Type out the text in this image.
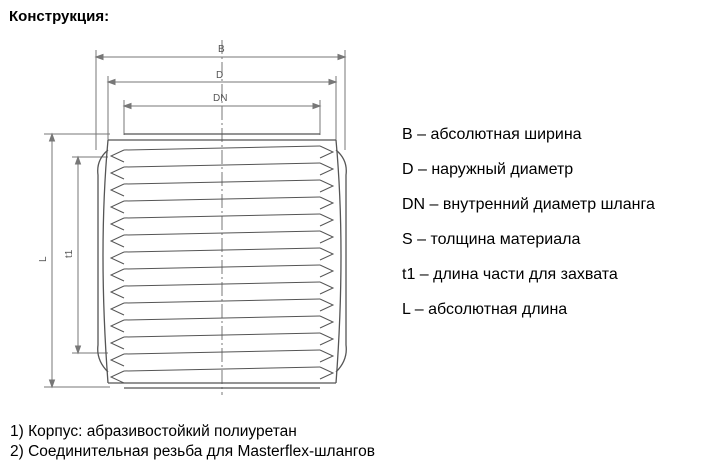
Конструкция:
B
D
DN
L
t1
B – абсолютная ширина
D – наружный диаметр
DN – внутренний диаметр шланга
S – толщина материала
t1 – длина части для захвата
L – абсолютная длина
1) Корпус: абразивостойкий полиуретан
2) Соединительная резьба для Masterflex-шлангов
